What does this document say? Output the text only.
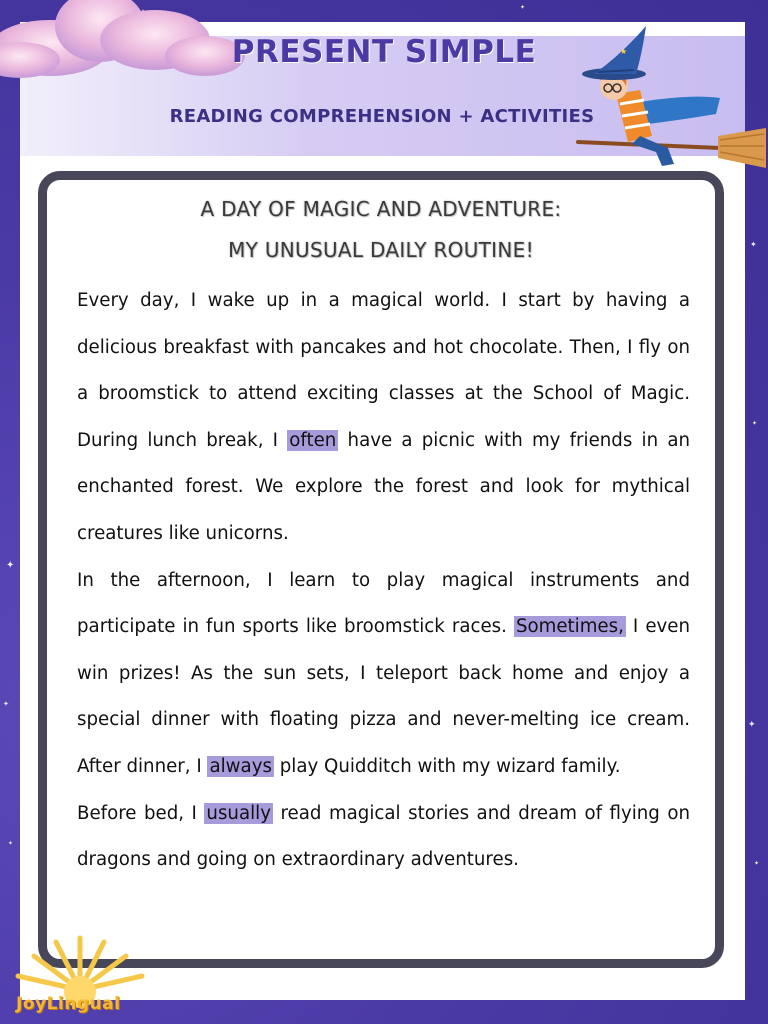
✦
✦
✦
✦
✦
✦
✦
✦
PRESENT SIMPLE
READING COMPREHENSION + ACTIVITIES
★
A DAY OF MAGIC AND ADVENTURE:
MY UNUSUAL DAILY ROUTINE!

Every day, I wake up in a magical world. I start by having a delicious breakfast with pancakes and hot chocolate. Then, I fly on a broomstick to attend exciting classes at the School of Magic. During lunch break, I often have a picnic with my friends in an enchanted forest. We explore the forest and look for mythical creatures like unicorns.

In the afternoon, I learn to play magical instruments and participate in fun sports like broomstick races. Sometimes, I even win prizes! As the sun sets, I teleport back home and enjoy a special dinner with floating pizza and never-melting ice cream. After dinner, I always play Quidditch with my wizard family.

Before bed, I usually read magical stories and dream of flying on dragons and going on extraordinary adventures.

JoyLingual
